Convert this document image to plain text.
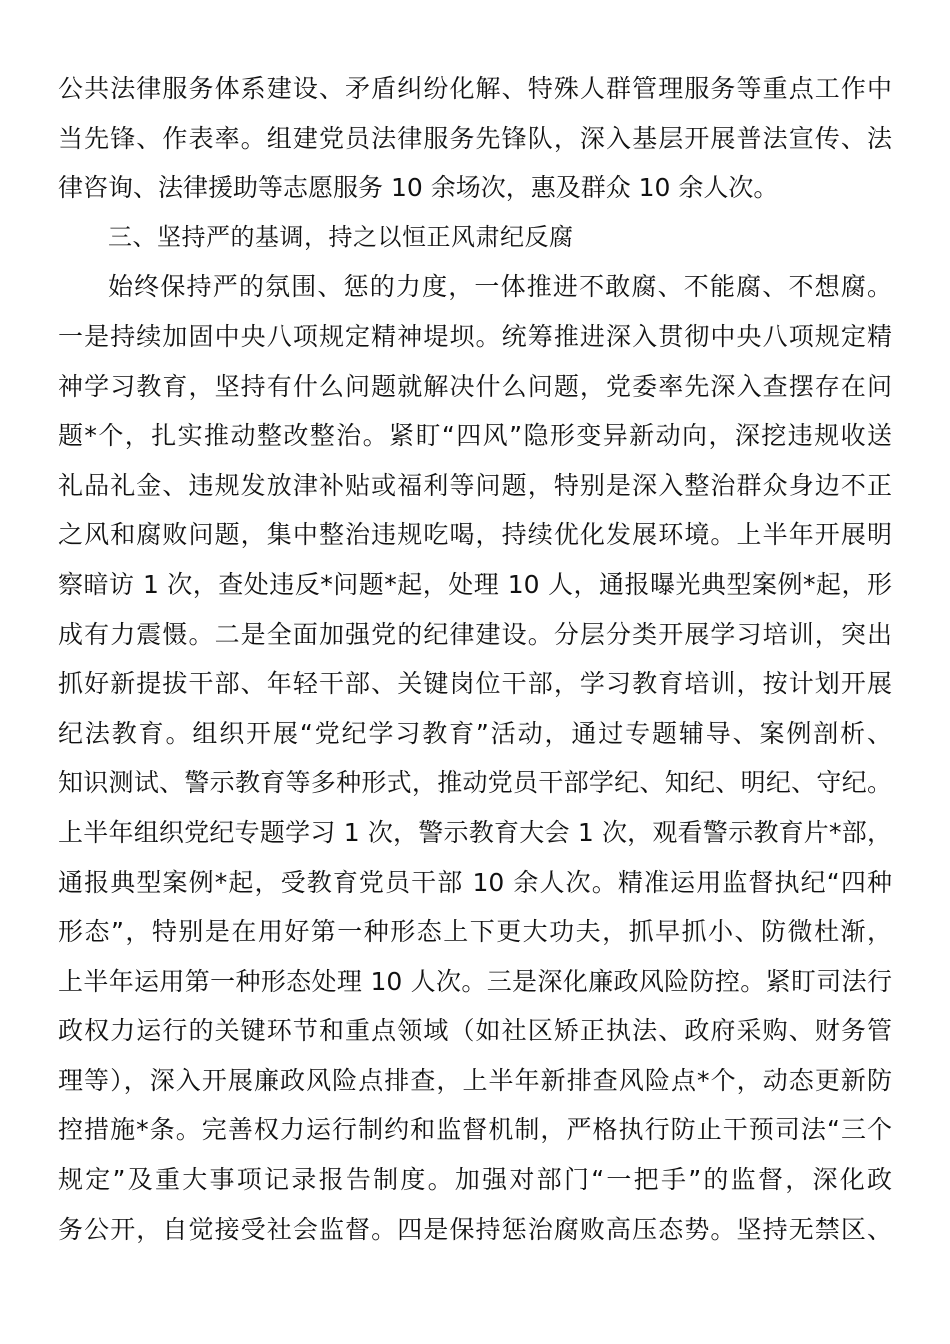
公共法律服务体系建设、矛盾纠纷化解、特殊人群管理服务等重点工作中
当先锋、作表率。组建党员法律服务先锋队，深入基层开展普法宣传、法
律咨询、法律援助等志愿服务 10 余场次，惠及群众 10 余人次。
三、坚持严的基调，持之以恒正风肃纪反腐
始终保持严的氛围、惩的力度，一体推进不敢腐、不能腐、不想腐。
一是持续加固中央八项规定精神堤坝。统筹推进深入贯彻中央八项规定精
神学习教育，坚持有什么问题就解决什么问题，党委率先深入查摆存在问
题*个，扎实推动整改整治。紧盯“四风”隐形变异新动向，深挖违规收送
礼品礼金、违规发放津补贴或福利等问题，特别是深入整治群众身边不正
之风和腐败问题，集中整治违规吃喝，持续优化发展环境。上半年开展明
察暗访 1 次，查处违反*问题*起，处理 10 人，通报曝光典型案例*起，形
成有力震慑。二是全面加强党的纪律建设。分层分类开展学习培训，突出
抓好新提拔干部、年轻干部、关键岗位干部，学习教育培训，按计划开展
纪法教育。组织开展“党纪学习教育”活动，通过专题辅导、案例剖析、
知识测试、警示教育等多种形式，推动党员干部学纪、知纪、明纪、守纪。
上半年组织党纪专题学习 1 次，警示教育大会 1 次，观看警示教育片*部，
通报典型案例*起，受教育党员干部 10 余人次。精准运用监督执纪“四种
形态”，特别是在用好第一种形态上下更大功夫，抓早抓小、防微杜渐，
上半年运用第一种形态处理 10 人次。三是深化廉政风险防控。紧盯司法行
政权力运行的关键环节和重点领域（如社区矫正执法、政府采购、财务管
理等），深入开展廉政风险点排查，上半年新排查风险点*个，动态更新防
控措施*条。完善权力运行制约和监督机制，严格执行防止干预司法“三个
规定”及重大事项记录报告制度。加强对部门“一把手”的监督，深化政
务公开，自觉接受社会监督。四是保持惩治腐败高压态势。坚持无禁区、
